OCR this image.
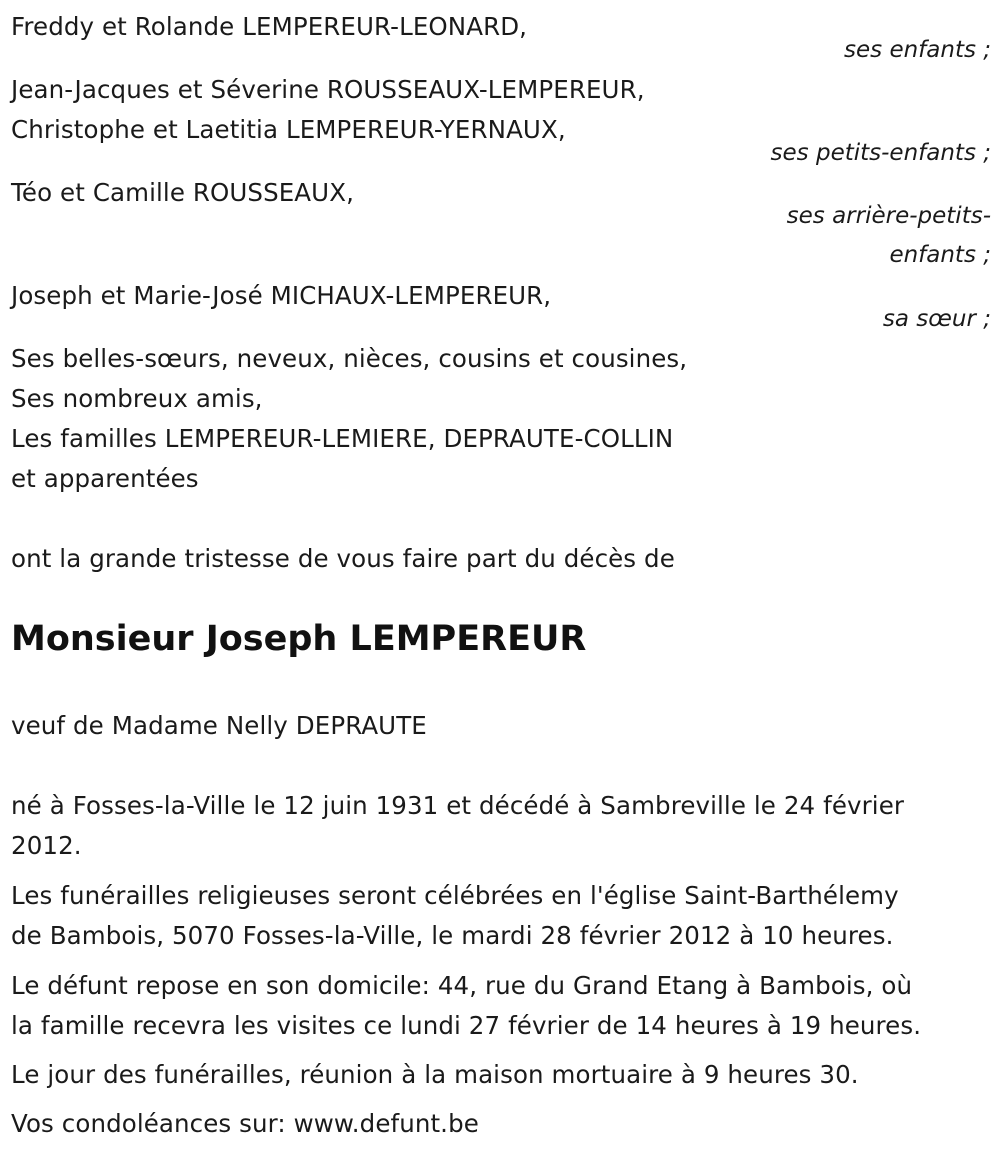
Freddy et Rolande LEMPEREUR-LEONARD,
ses enfants ;
Jean-Jacques et Séverine ROUSSEAUX-LEMPEREUR,
Christophe et Laetitia LEMPEREUR-YERNAUX,
ses petits-enfants ;
Téo et Camille ROUSSEAUX,
ses arrière-petits-
enfants ;
Joseph et Marie-José MICHAUX-LEMPEREUR,
sa sœur ;
Ses belles-sœurs, neveux, nièces, cousins et cousines,
Ses nombreux amis,
Les familles LEMPEREUR-LEMIERE, DEPRAUTE-COLLIN
et apparentées
ont la grande tristesse de vous faire part du décès de
Monsieur Joseph LEMPEREUR
veuf de Madame Nelly DEPRAUTE
né à Fosses-la-Ville le 12 juin 1931 et décédé à Sambreville le 24 février
2012.
Les funérailles religieuses seront célébrées en l'église Saint-Barthélemy
de Bambois, 5070 Fosses-la-Ville, le mardi 28 février 2012 à 10 heures.
Le défunt repose en son domicile: 44, rue du Grand Etang à Bambois, où
la famille recevra les visites ce lundi 27 février de 14 heures à 19 heures.
Le jour des funérailles, réunion à la maison mortuaire à 9 heures 30.
Vos condoléances sur: www.defunt.be
